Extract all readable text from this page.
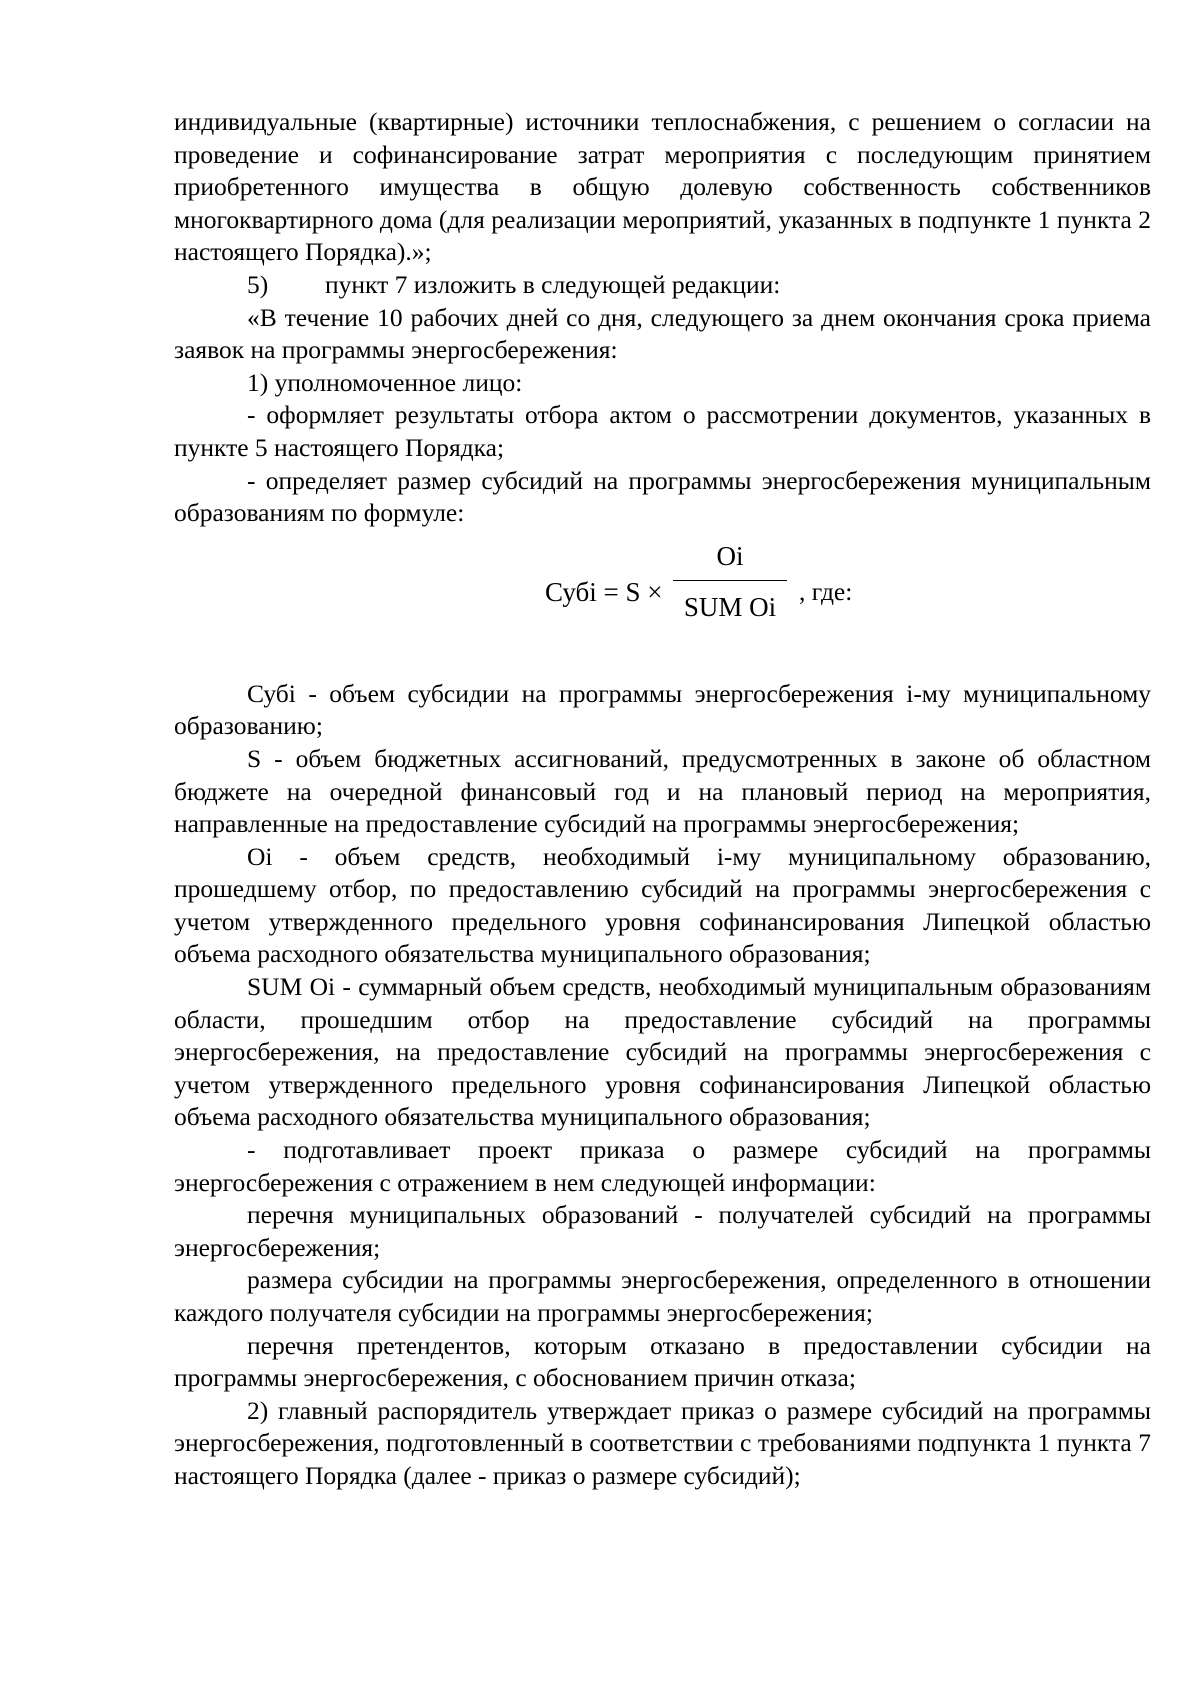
индивидуальные (квартирные) источники теплоснабжения, с решением о согласии на проведение и софинансирование затрат мероприятия с последующим принятием приобретенного имущества в общую долевую собственность собственников многоквартирного дома (для реализации мероприятий, указанных в подпункте 1 пункта 2 настоящего Порядка).»;

5) пункт 7 изложить в следующей редакции:

«В течение 10 рабочих дней со дня, следующего за днем окончания срока приема заявок на программы энергосбережения:

1) уполномоченное лицо:

- оформляет результаты отбора актом о рассмотрении документов, указанных в пункте 5 настоящего Порядка;

- определяет размер субсидий на программы энергосбережения муниципальным образованиям по формуле:

Субi = S ×
Oi
SUM Oi
, где:

Субi - объем субсидии на программы энергосбережения i-му муниципальному образованию;

S - объем бюджетных ассигнований, предусмотренных в законе об областном бюджете на очередной финансовый год и на плановый период на мероприятия, направленные на предоставление субсидий на программы энергосбережения;

Oi - объем средств, необходимый i-му муниципальному образованию, прошедшему отбор, по предоставлению субсидий на программы энергосбережения с учетом утвержденного предельного уровня софинансирования Липецкой областью объема расходного обязательства муниципального образования;

SUM Oi - суммарный объем средств, необходимый муниципальным образованиям области, прошедшим отбор на предоставление субсидий на программы энергосбережения, на предоставление субсидий на программы энергосбережения с учетом утвержденного предельного уровня софинансирования Липецкой областью объема расходного обязательства муниципального образования;

- подготавливает проект приказа о размере субсидий на программы энергосбережения с отражением в нем следующей информации:

перечня муниципальных образований - получателей субсидий на программы энергосбережения;

размера субсидии на программы энергосбережения, определенного в отношении каждого получателя субсидии на программы энергосбережения;

перечня претендентов, которым отказано в предоставлении субсидии на программы энергосбережения, с обоснованием причин отказа;

2) главный распорядитель утверждает приказ о размере субсидий на программы энергосбережения, подготовленный в соответствии с требованиями подпункта 1 пункта 7 настоящего Порядка (далее - приказ о размере субсидий);
